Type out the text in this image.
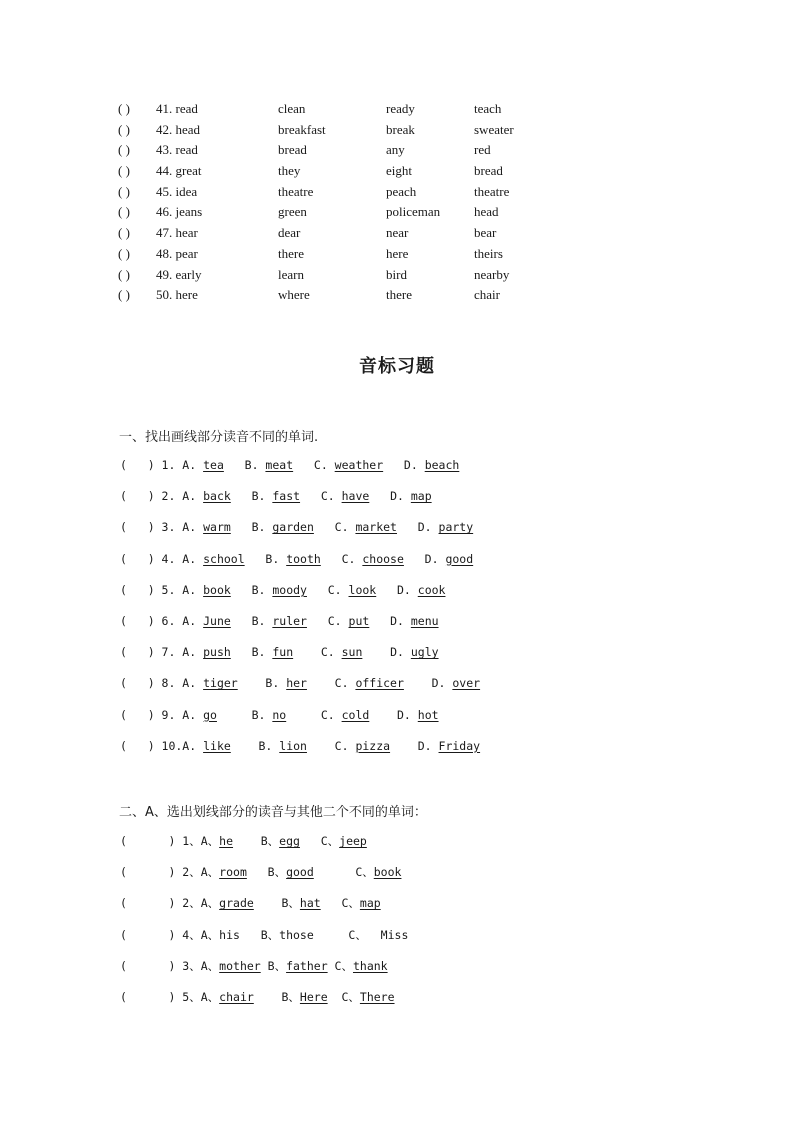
( ) 41. read	clean	ready	teach
( ) 42. head	breakfast	break	sweater
( ) 43. read	bread	any	red
( ) 44. great	they	eight	bread
( ) 45. idea	theatre	peach	theatre
( ) 46. jeans	green	policeman	head
( ) 47. hear	dear	near	bear
( ) 48. pear	there	here	theirs
( ) 49. early	learn	bird	nearby
( ) 50. here	where	there	chair
音标习题
一、找出画线部分读音不同的单词.
(   ) 1. A. tea   B. meat   C. weather   D. beach
(   ) 2. A. back   B. fast   C. have   D. map
(   ) 3. A. warm   B. garden   C. market   D. party
(   ) 4. A. school   B. tooth   C. choose   D. good
(   ) 5. A. book   B. moody   C. look   D. cook
(   ) 6. A. June   B. ruler   C. put   D. menu
(   ) 7. A. push   B. fun    C. sun    D. ugly
(   ) 8. A. tiger    B. her    C. officer    D. over
(   ) 9. A. go     B. no     C. cold    D. hot
(   ) 10.A. like    B. lion    C. pizza    D. Friday
二、A、选出划线部分的读音与其他二个不同的单词：
(      ) 1、A、he    B、egg   C、jeep
(      ) 2、A、room   B、good      C、book
(      ) 2、A、grade    B、hat   C、map
(      ) 4、A、his   B、those     C、  Miss
(      ) 3、A、mother B、father C、thank
(      ) 5、A、chair    B、Here  C、There
